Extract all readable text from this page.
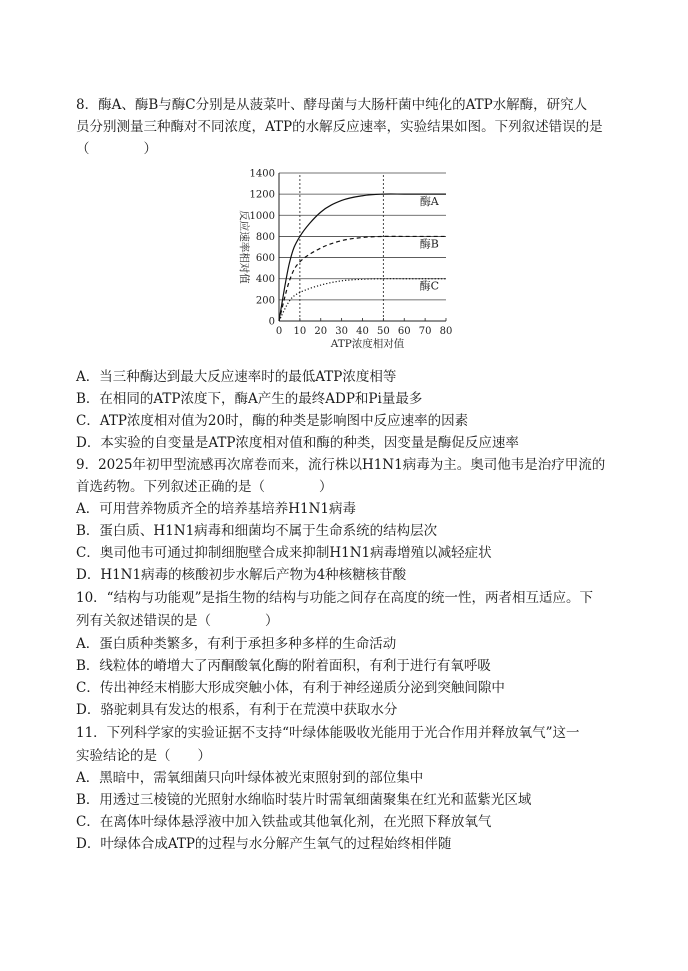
8．酶A、酶B与酶C分别是从菠菜叶、酵母菌与大肠杆菌中纯化的ATP水解酶，研究人
员分别测量三种酶对不同浓度，ATP的水解反应速率，实验结果如图。下列叙述错误的是
（　　　　）
0
200
400
600
800
1000
1200
1400
0 10 20 30 40 50 60 70 80
酶A
酶B
酶C
ATP浓度相对值
反应速率相对值
A．当三种酶达到最大反应速率时的最低ATP浓度相等
B．在相同的ATP浓度下，酶A产生的最终ADP和Pi量最多
C．ATP浓度相对值为20时，酶的种类是影响图中反应速率的因素
D．本实验的自变量是ATP浓度相对值和酶的种类，因变量是酶促反应速率
9．2025年初甲型流感再次席卷而来，流行株以H1N1病毒为主。奥司他韦是治疗甲流的
首选药物。下列叙述正确的是（　　　　）
A．可用营养物质齐全的培养基培养H1N1病毒
B．蛋白质、H1N1病毒和细菌均不属于生命系统的结构层次
C．奥司他韦可通过抑制细胞壁合成来抑制H1N1病毒增殖以减轻症状
D．H1N1病毒的核酸初步水解后产物为4种核糖核苷酸
10．“结构与功能观”是指生物的结构与功能之间存在高度的统一性，两者相互适应。下
列有关叙述错误的是（　　　　）
A．蛋白质种类繁多，有利于承担多种多样的生命活动
B．线粒体的嵴增大了丙酮酸氧化酶的附着面积，有利于进行有氧呼吸
C．传出神经末梢膨大形成突触小体，有利于神经递质分泌到突触间隙中
D．骆驼刺具有发达的根系，有利于在荒漠中获取水分
11．下列科学家的实验证据不支持“叶绿体能吸收光能用于光合作用并释放氧气”这一
实验结论的是（　　）
A．黑暗中，需氧细菌只向叶绿体被光束照射到的部位集中
B．用透过三棱镜的光照射水绵临时装片时需氧细菌聚集在红光和蓝紫光区域
C．在离体叶绿体悬浮液中加入铁盐或其他氧化剂，在光照下释放氧气
D．叶绿体合成ATP的过程与水分解产生氧气的过程始终相伴随
